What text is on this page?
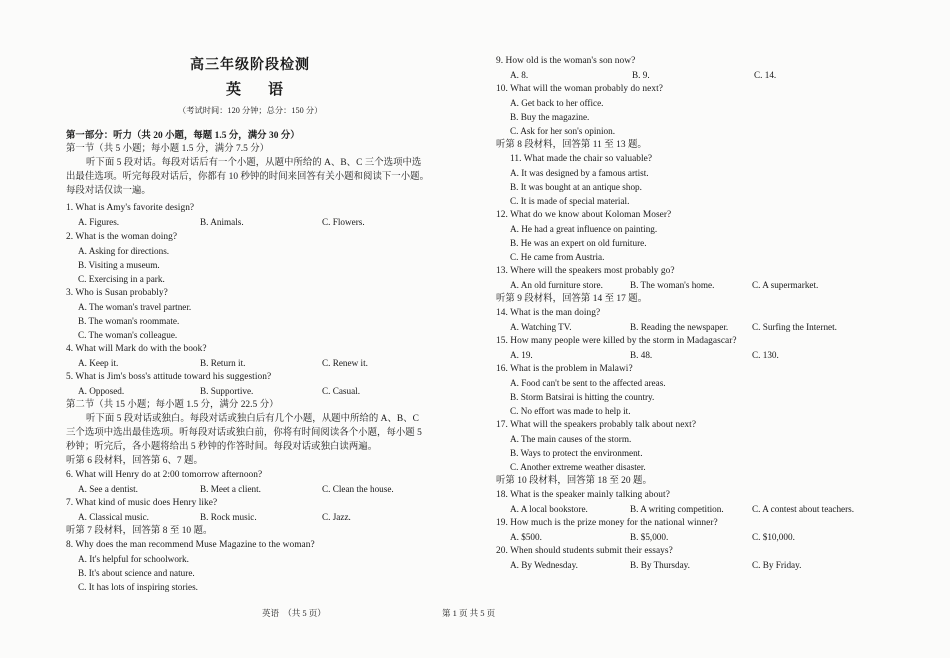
高三年级阶段检测
英　语
（考试时间：120 分钟；总分：150 分）
第一部分：听力（共 20 小题，每题 1.5 分，满分 30 分）
第一节（共 5 小题；每小题 1.5 分，满分 7.5 分）
听下面 5 段对话。每段对话后有一个小题，从题中所给的 A、B、C 三个选项中选
出最佳选项。听完每段对话后，你都有 10 秒钟的时间来回答有关小题和阅读下一小题。
每段对话仅读一遍。
1. What is Amy's favorite design?
A. Figures.	B. Animals.	C. Flowers.
2. What is the woman doing?
A. Asking for directions.
B. Visiting a museum.
C. Exercising in a park.
3. Who is Susan probably?
A. The woman's travel partner.
B. The woman's roommate.
C. The woman's colleague.
4. What will Mark do with the book?
A. Keep it.	B. Return it.	C. Renew it.
5. What is Jim's boss's attitude toward his suggestion?
A. Opposed.	B. Supportive.	C. Casual.
第二节（共 15 小题；每小题 1.5 分，满分 22.5 分）
听下面 5 段对话或独白。每段对话或独白后有几个小题，从题中所给的 A、B、C
三个选项中选出最佳选项。听每段对话或独白前，你将有时间阅读各个小题，每小题 5
秒钟；听完后，各小题将给出 5 秒钟的作答时间。每段对话或独白读两遍。
听第 6 段材料，回答第 6、7 题。
6. What will Henry do at 2:00 tomorrow afternoon?
A. See a dentist.	B. Meet a client.	C. Clean the house.
7. What kind of music does Henry like?
A. Classical music.	B. Rock music.	C. Jazz.
听第 7 段材料，回答第 8 至 10 题。
8. Why does the man recommend Muse Magazine to the woman?
A. It's helpful for schoolwork.
B. It's about science and nature.
C. It has lots of inspiring stories.
英语　（共 5 页）
9. How old is the woman's son now?
A. 8.	B. 9.	C. 14.
10. What will the woman probably do next?
A. Get back to her office.
B. Buy the magazine.
C. Ask for her son's opinion.
听第 8 段材料，回答第 11 至 13 题。
11. What made the chair so valuable?
A. It was designed by a famous artist.
B. It was bought at an antique shop.
C. It is made of special material.
12. What do we know about Koloman Moser?
A. He had a great influence on painting.
B. He was an expert on old furniture.
C. He came from Austria.
13. Where will the speakers most probably go?
A. An old furniture store.	B. The woman's home.	C. A supermarket.
听第 9 段材料，回答第 14 至 17 题。
14. What is the man doing?
A. Watching TV.	B. Reading the newspaper.	C. Surfing the Internet.
15. How many people were killed by the storm in Madagascar?
A. 19.	B. 48.	C. 130.
16. What is the problem in Malawi?
A. Food can't be sent to the affected areas.
B. Storm Batsirai is hitting the country.
C. No effort was made to help it.
17. What will the speakers probably talk about next?
A. The main causes of the storm.
B. Ways to protect the environment.
C. Another extreme weather disaster.
听第 10 段材料，回答第 18 至 20 题。
18. What is the speaker mainly talking about?
A. A local bookstore.	B. A writing competition.	C. A contest about teachers.
19. How much is the prize money for the national winner?
A. $500.	B. $5,000.	C. $10,000.
20. When should students submit their essays?
A. By Wednesday.	B. By Thursday.	C. By Friday.
第 1 页 共 5 页
